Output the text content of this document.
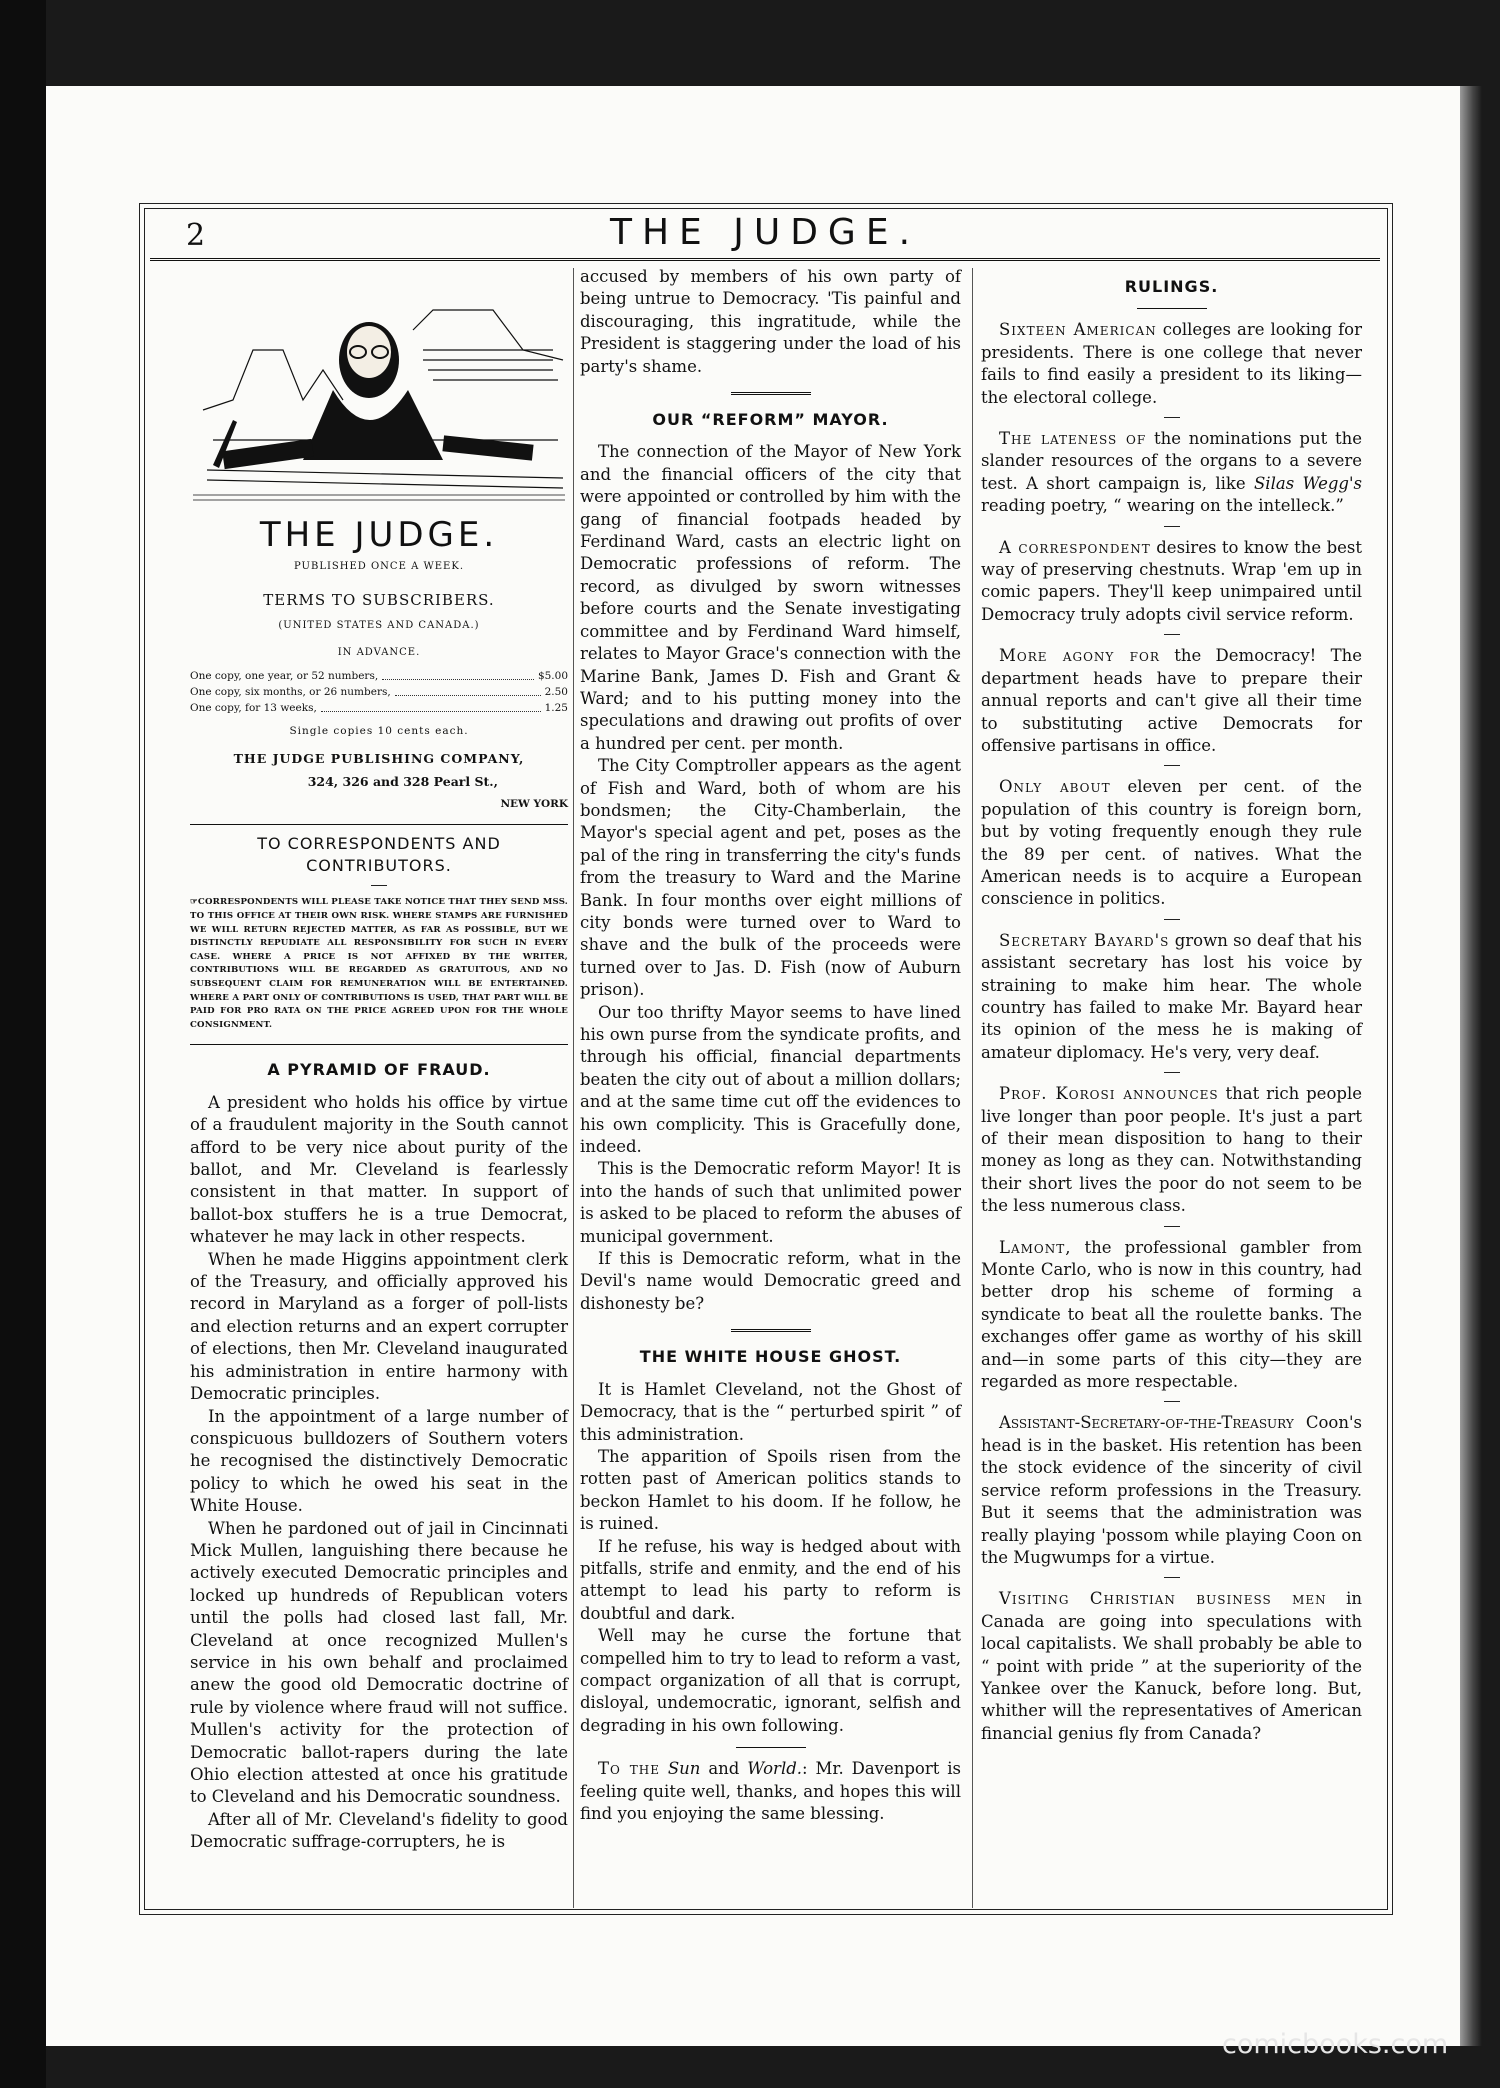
2	THE JUDGE.
THE JUDGE.
PUBLISHED ONCE A WEEK.
TERMS TO SUBSCRIBERS.
(UNITED STATES AND CANADA.)
IN ADVANCE.
One copy, one year, or 52 numbers,	$5.00
One copy, six months, or 26 numbers,	2.50
One copy, for 13 weeks,	1.25
Single copies 10 cents each.
THE JUDGE PUBLISHING COMPANY,
324, 326 and 328 Pearl St.,
NEW YORK
TO CORRESPONDENTS AND CONTRIBUTORS.
☞CORRESPONDENTS WILL PLEASE TAKE NOTICE THAT THEY SEND MSS. TO THIS OFFICE AT THEIR OWN RISK. WHERE STAMPS ARE FURNISHED WE WILL RETURN REJECTED MATTER, AS FAR AS POSSIBLE, BUT WE DISTINCTLY REPUDIATE ALL RESPONSIBILITY FOR SUCH IN EVERY CASE. WHERE A PRICE IS NOT AFFIXED BY THE WRITER, CONTRIBUTIONS WILL BE REGARDED AS GRATUITOUS, AND NO SUBSEQUENT CLAIM FOR REMUNERATION WILL BE ENTERTAINED. WHERE A PART ONLY OF CONTRIBUTIONS IS USED, THAT PART WILL BE PAID FOR PRO RATA ON THE PRICE AGREED UPON FOR THE WHOLE CONSIGNMENT.
A PYRAMID OF FRAUD.

A president who holds his office by virtue of a fraudulent majority in the South cannot afford to be very nice about purity of the ballot, and Mr. Cleveland is fearlessly consistent in that matter. In support of ballot-box stuffers he is a true Democrat, whatever he may lack in other respects.

When he made Higgins appointment clerk of the Treasury, and officially approved his record in Maryland as a forger of poll-lists and election returns and an expert corrupter of elections, then Mr. Cleveland inaugurated his administration in entire harmony with Democratic principles.

In the appointment of a large number of conspicuous bulldozers of Southern voters he recognised the distinctively Democratic policy to which he owed his seat in the White House.

When he pardoned out of jail in Cincinnati Mick Mullen, languishing there because he actively executed Democratic principles and locked up hundreds of Republican voters until the polls had closed last fall, Mr. Cleveland at once recognized Mullen's service in his own behalf and proclaimed anew the good old Democratic doctrine of rule by violence where fraud will not suffice. Mullen's activity for the protection of Democratic ballot-rapers during the late Ohio election attested at once his gratitude to Cleveland and his Democratic soundness.

After all of Mr. Cleveland's fidelity to good Democratic suffrage-corrupters, he is

accused by members of his own party of being untrue to Democracy. 'Tis painful and discouraging, this ingratitude, while the President is staggering under the load of his party's shame.

OUR “REFORM” MAYOR.

The connection of the Mayor of New York and the financial officers of the city that were appointed or controlled by him with the gang of financial footpads headed by Ferdinand Ward, casts an electric light on Democratic professions of reform. The record, as divulged by sworn witnesses before courts and the Senate investigating committee and by Ferdinand Ward himself, relates to Mayor Grace's connection with the Marine Bank, James D. Fish and Grant & Ward; and to his putting money into the speculations and drawing out profits of over a hundred per cent. per month.

The City Comptroller appears as the agent of Fish and Ward, both of whom are his bondsmen; the City-Chamberlain, the Mayor's special agent and pet, poses as the pal of the ring in transferring the city's funds from the treasury to Ward and the Marine Bank. In four months over eight millions of city bonds were turned over to Ward to shave and the bulk of the proceeds were turned over to Jas. D. Fish (now of Auburn prison).

Our too thrifty Mayor seems to have lined his own purse from the syndicate profits, and through his official, financial departments beaten the city out of about a million dollars; and at the same time cut off the evidences to his own complicity. This is Gracefully done, indeed.

This is the Democratic reform Mayor! It is into the hands of such that unlimited power is asked to be placed to reform the abuses of municipal government.

If this is Democratic reform, what in the Devil's name would Democratic greed and dishonesty be?

THE WHITE HOUSE GHOST.

It is Hamlet Cleveland, not the Ghost of Democracy, that is the “ perturbed spirit ” of this administration.

The apparition of Spoils risen from the rotten past of American politics stands to beckon Hamlet to his doom. If he follow, he is ruined.

If he refuse, his way is hedged about with pitfalls, strife and enmity, and the end of his attempt to lead his party to reform is doubtful and dark.

Well may he curse the fortune that compelled him to try to lead to reform a vast, compact organization of all that is corrupt, disloyal, undemocratic, ignorant, selfish and degrading in his own following.

To the Sun and World.: Mr. Davenport is feeling quite well, thanks, and hopes this will find you enjoying the same blessing.

RULINGS.

Sixteen American colleges are looking for presidents. There is one college that never fails to find easily a president to its liking—the electoral college.

The lateness of the nominations put the slander resources of the organs to a severe test. A short campaign is, like Silas Wegg's reading poetry, “ wearing on the intelleck.”

A correspondent desires to know the best way of preserving chestnuts. Wrap 'em up in comic papers. They'll keep unimpaired until Democracy truly adopts civil service reform.

More agony for the Democracy! The department heads have to prepare their annual reports and can't give all their time to substituting active Democrats for offensive partisans in office.

Only about eleven per cent. of the population of this country is foreign born, but by voting frequently enough they rule the 89 per cent. of natives. What the American needs is to acquire a European conscience in politics.

Secretary Bayard's grown so deaf that his assistant secretary has lost his voice by straining to make him hear. The whole country has failed to make Mr. Bayard hear its opinion of the mess he is making of amateur diplomacy. He's very, very deaf.

Prof. Korosi announces that rich people live longer than poor people. It's just a part of their mean disposition to hang to their money as long as they can. Notwithstanding their short lives the poor do not seem to be the less numerous class.

Lamont, the professional gambler from Monte Carlo, who is now in this country, had better drop his scheme of forming a syndicate to beat all the roulette banks. The exchanges offer game as worthy of his skill and—in some parts of this city—they are regarded as more respectable.

Assistant-Secretary-of-the-Treasury Coon's head is in the basket. His retention has been the stock evidence of the sincerity of civil service reform professions in the Treasury. But it seems that the administration was really playing 'possom while playing Coon on the Mugwumps for a virtue.

Visiting Christian business men in Canada are going into speculations with local capitalists. We shall probably be able to “ point with pride ” at the superiority of the Yankee over the Kanuck, before long. But, whither will the representatives of American financial genius fly from Canada?

comicbooks.com
